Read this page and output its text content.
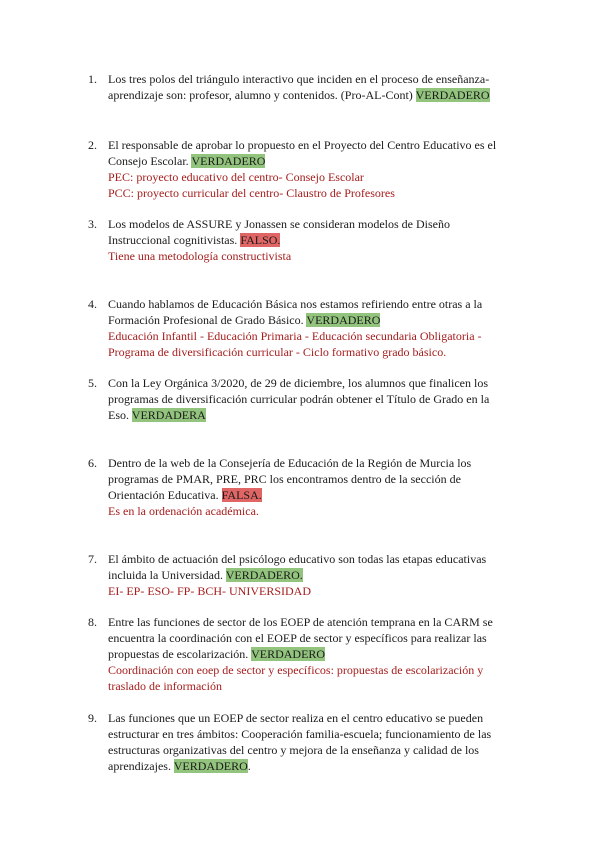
1. Los tres polos del triángulo interactivo que inciden en el proceso de enseñanza-aprendizaje son: profesor, alumno y contenidos. (Pro-AL-Cont) VERDADERO
2. El responsable de aprobar lo propuesto en el Proyecto del Centro Educativo es el Consejo Escolar. VERDADERO
PEC: proyecto educativo del centro- Consejo Escolar
PCC: proyecto curricular del centro- Claustro de Profesores
3. Los modelos de ASSURE y Jonassen se consideran modelos de Diseño Instruccional cognitivistas. FALSO.
Tiene una metodología constructivista
4. Cuando hablamos de Educación Básica nos estamos refiriendo entre otras a la Formación Profesional de Grado Básico. VERDADERO
Educación Infantil - Educación Primaria - Educación secundaria Obligatoria - Programa de diversificación curricular - Ciclo formativo grado básico.
5. Con la Ley Orgánica 3/2020, de 29 de diciembre, los alumnos que finalicen los programas de diversificación curricular podrán obtener el Título de Grado en la Eso. VERDADERA
6. Dentro de la web de la Consejería de Educación de la Región de Murcia los programas de PMAR, PRE, PRC los encontramos dentro de la sección de Orientación Educativa. FALSA.
Es en la ordenación académica.
7. El ámbito de actuación del psicólogo educativo son todas las etapas educativas incluida la Universidad. VERDADERO.
EI- EP- ESO- FP- BCH- UNIVERSIDAD
8. Entre las funciones de sector de los EOEP de atención temprana en la CARM se encuentra la coordinación con el EOEP de sector y específicos para realizar las propuestas de escolarización. VERDADERO
Coordinación con eoep de sector y específicos: propuestas de escolarización y traslado de información
9. Las funciones que un EOEP de sector realiza en el centro educativo se pueden estructurar en tres ámbitos: Cooperación familia-escuela; funcionamiento de las estructuras organizativas del centro y mejora de la enseñanza y calidad de los aprendizajes. VERDADERO.
